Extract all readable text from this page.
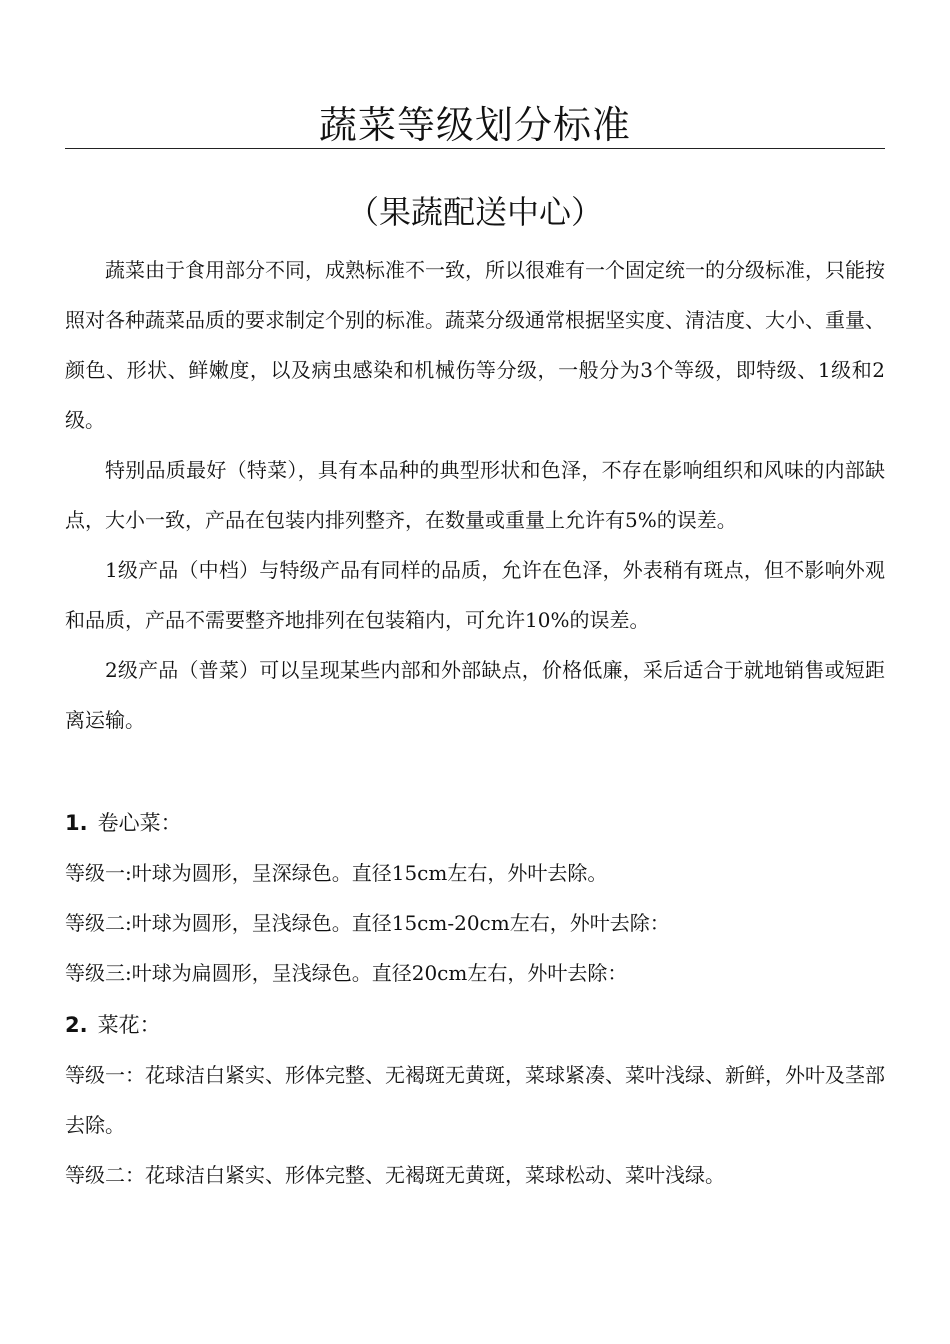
蔬菜等级划分标准
（果蔬配送中心）

蔬菜由于食用部分不同，成熟标准不一致，所以很难有一个固定统一的分级标准，只能按照对各种蔬菜品质的要求制定个别的标准。蔬菜分级通常根据坚实度、清洁度、大小、重量、颜色、形状、鲜嫩度，以及病虫感染和机械伤等分级，一般分为3个等级，即特级、1级和2级。

特别品质最好（特菜），具有本品种的典型形状和色泽，不存在影响组织和风味的内部缺点，大小一致，产品在包装内排列整齐，在数量或重量上允许有5%的误差。

1级产品（中档）与特级产品有同样的品质，允许在色泽，外表稍有斑点，但不影响外观和品质，产品不需要整齐地排列在包装箱内，可允许10%的误差。

2级产品（普菜）可以呈现某些内部和外部缺点，价格低廉，采后适合于就地销售或短距离运输。

1. 卷心菜：

等级一:叶球为圆形，呈深绿色。直径15cm左右，外叶去除。

等级二:叶球为圆形，呈浅绿色。直径15cm-20cm左右，外叶去除：

等级三:叶球为扁圆形，呈浅绿色。直径20cm左右，外叶去除：

2. 菜花：

等级一：花球洁白紧实、形体完整、无褐斑无黄斑，菜球紧凑、菜叶浅绿、新鲜，外叶及茎部去除。

等级二：花球洁白紧实、形体完整、无褐斑无黄斑，菜球松动、菜叶浅绿。
